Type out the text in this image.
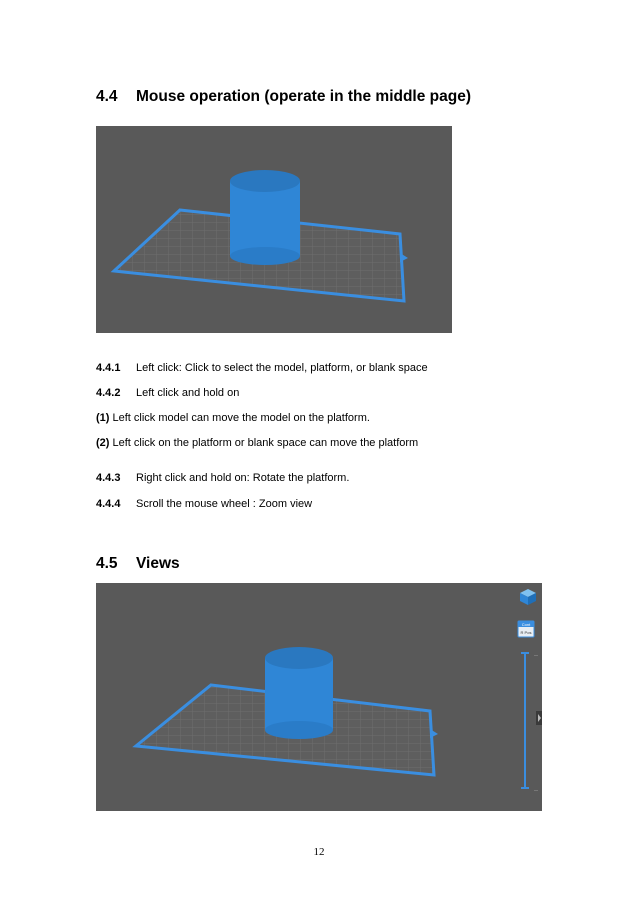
4.4 Mouse operation (operate in the middle page)
4.4.1 Left click: Click to select the model, platform, or blank space
4.4.2 Left click and hold on
(1) Left click model can move the model on the platform.
(2) Left click on the platform or blank space can move the platform
4.4.3 Right click and hold on: Rotate the platform.
4.4.4 Scroll the mouse wheel : Zoom view
4.5 Views
Cont
R Pos
—
—
12
